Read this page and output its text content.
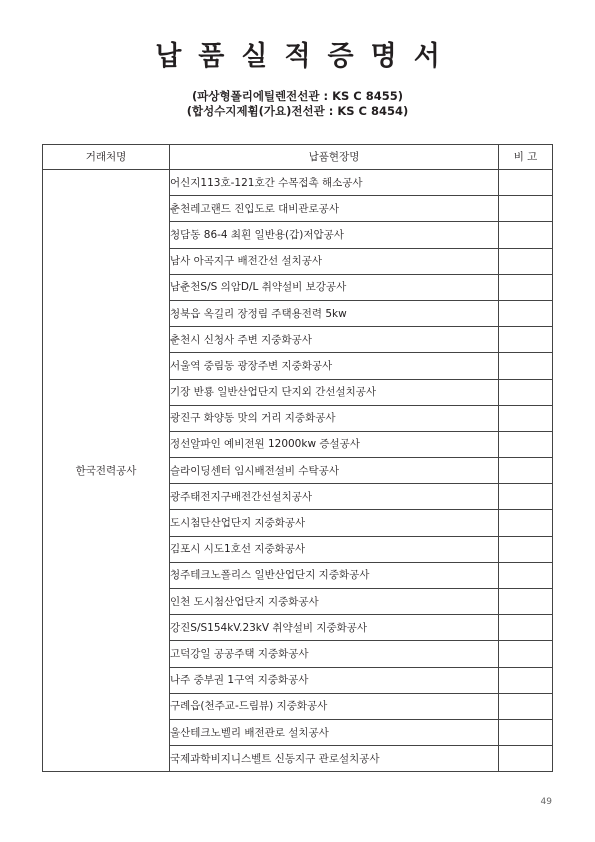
납품실적증명서
(파상형폴리에틸렌전선관 : KS C 8455)
(합성수지제휨(가요)전선관 : KS C 8454)
거래처명	납품현장명	비 고
한국전력공사	어신지113호-121호간 수목접촉 해소공사	
	춘천레고랜드 진입도로 대비관로공사	
	청담동 86-4 최흰 일반용(갑)저압공사	
	남사 아곡지구 배전간선 설치공사	
	남춘천S/S 의암D/L 취약설비 보강공사	
	청북읍 옥길리 장정림 주택용전력 5kw	
	춘천시 신청사 주변 지중화공사	
	서울역 중림동 광장주변 지중화공사	
	기장 반룡 일반산업단지 단지외 간선설치공사	
	광진구 화양동 맛의 거리 지중화공사	
	정선알파인 예비전원 12000kw 증설공사	
	슬라이딩센터 임시배전설비 수탁공사	
	광주태전지구배전간선설치공사	
	도시첨단산업단지 지중화공사	
	김포시 시도1호선 지중화공사	
	청주테크노폴리스 일반산업단지 지중화공사	
	인천 도시첨산업단지 지중화공사	
	강진S/S154kV.23kV 취약설비 지중화공사	
	고덕강일 공공주택 지중화공사	
	나주 중부권 1구역 지중화공사	
	구례읍(천주교-드림뷰) 지중화공사	
	울산테크노벨리 배전관로 설치공사	
	국제과학비지니스벨트 신동지구 관로설치공사	
49
